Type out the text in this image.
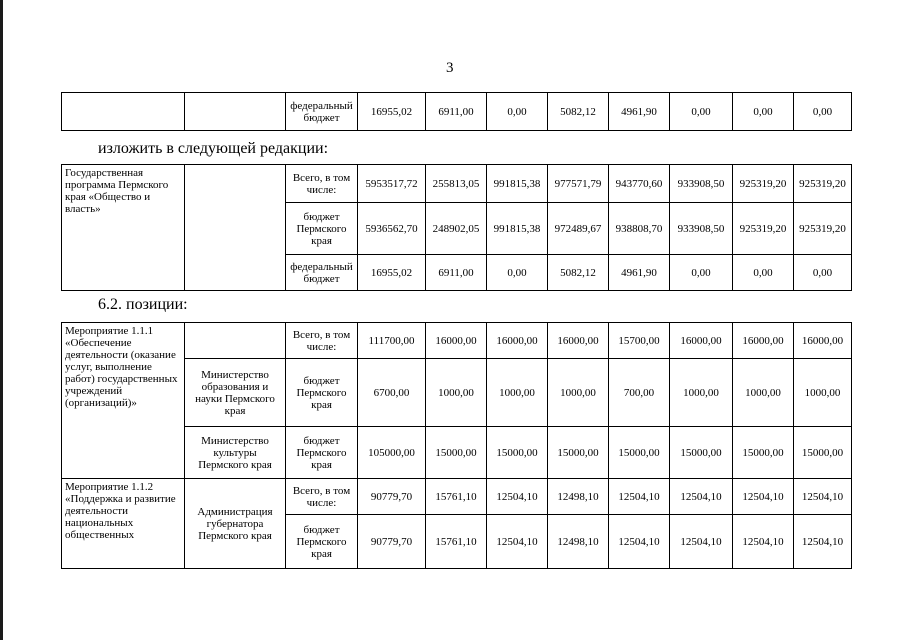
3
		федеральный бюджет	16955,02	6911,00	0,00	5082,12	4961,90	0,00	0,00	0,00
изложить в следующей редакции:
Государственная программа Пермского края «Общество и власть»		Всего, в том числе:	5953517,72	255813,05	991815,38	977571,79	943770,60	933908,50	925319,20	925319,20
		бюджет Пермского края	5936562,70	248902,05	991815,38	972489,67	938808,70	933908,50	925319,20	925319,20
		федеральный бюджет	16955,02	6911,00	0,00	5082,12	4961,90	0,00	0,00	0,00
6.2. позиции:
Мероприятие 1.1.1 «Обеспечение деятельности (оказание услуг, выполнение работ) государственных учреждений (организаций)»		Всего, в том числе:	111700,00	16000,00	16000,00	16000,00	15700,00	16000,00	16000,00	16000,00
	Министерство образования и науки Пермского края	бюджет Пермского края	6700,00	1000,00	1000,00	1000,00	700,00	1000,00	1000,00	1000,00
	Министерство культуры Пермского края	бюджет Пермского края	105000,00	15000,00	15000,00	15000,00	15000,00	15000,00	15000,00	15000,00
Мероприятие 1.1.2 «Поддержка и развитие деятельности национальных общественных	Администрация губернатора Пермского края	Всего, в том числе:	90779,70	15761,10	12504,10	12498,10	12504,10	12504,10	12504,10	12504,10
		бюджет Пермского края	90779,70	15761,10	12504,10	12498,10	12504,10	12504,10	12504,10	12504,10
